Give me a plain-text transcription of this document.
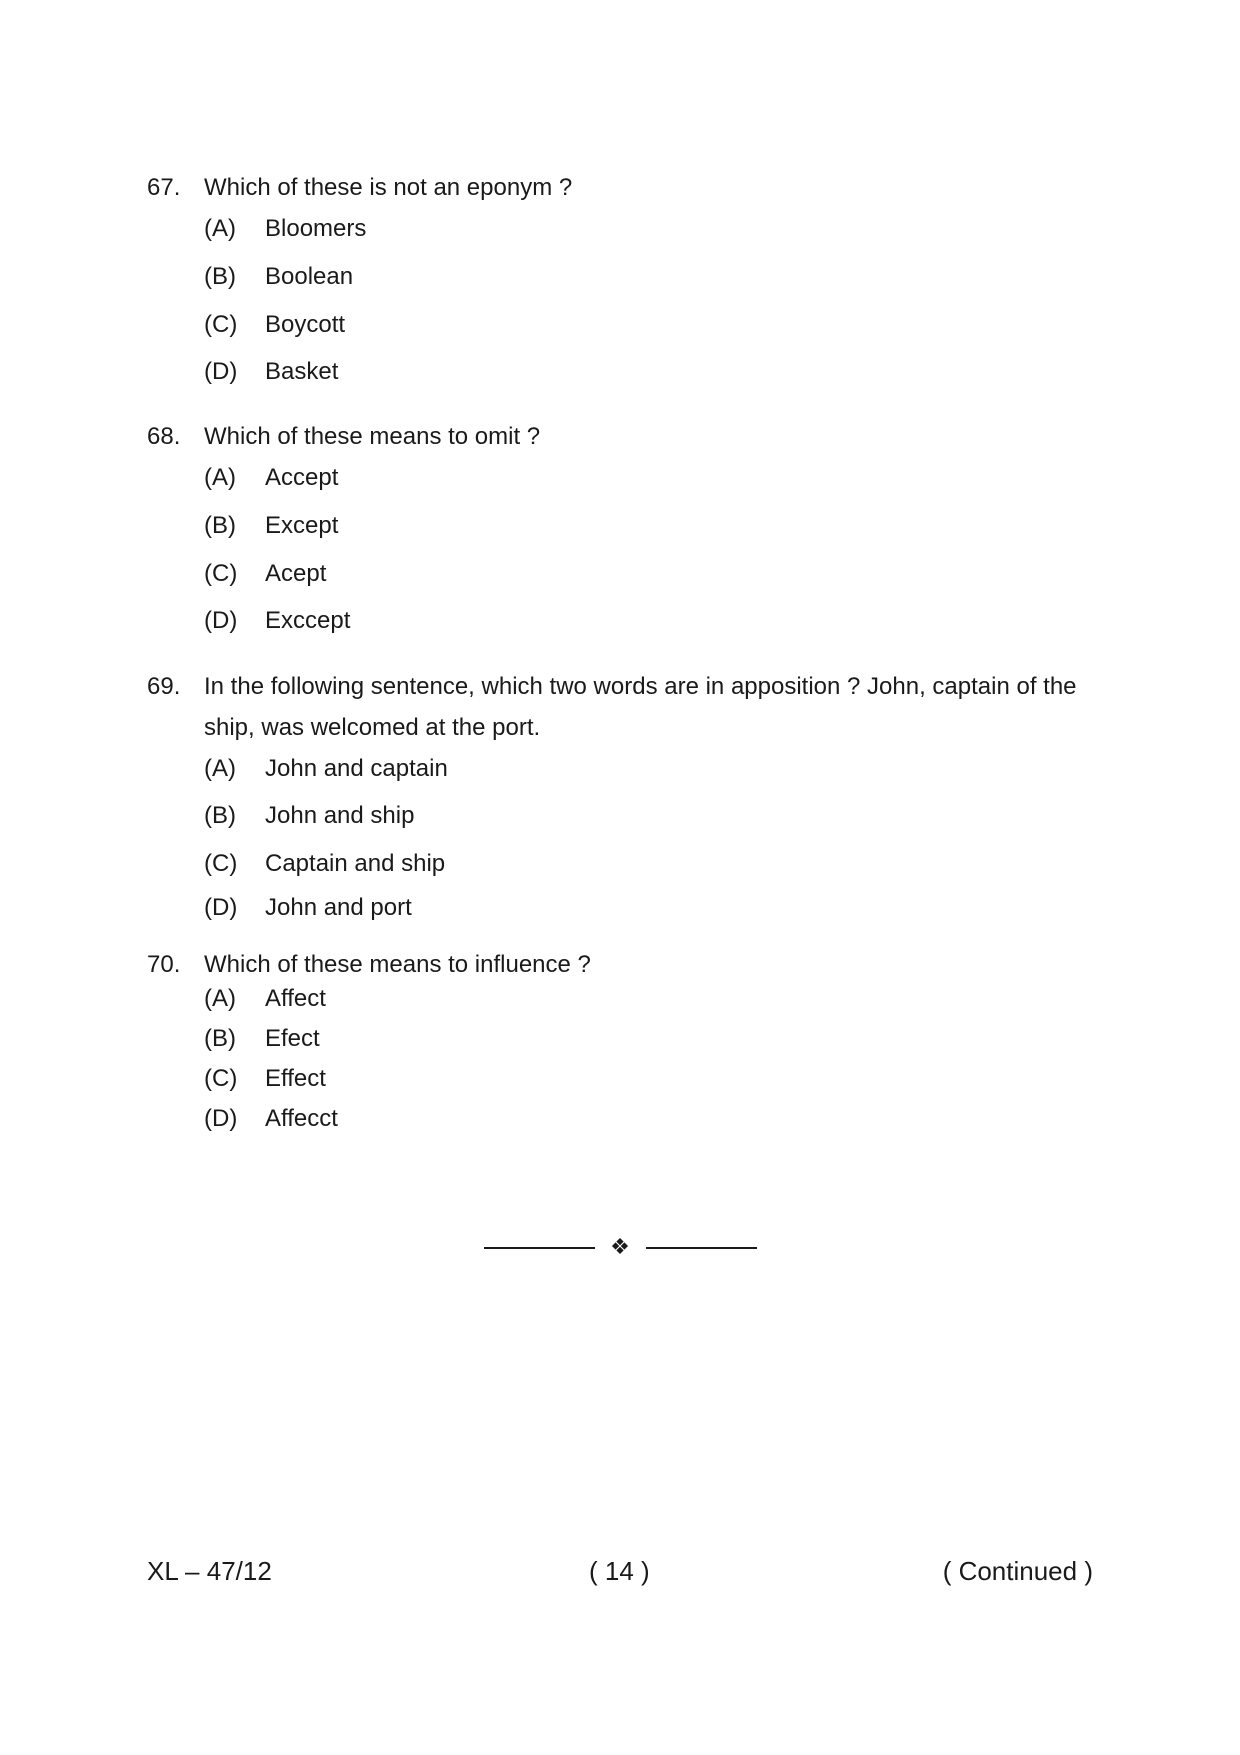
67. Which of these is not an eponym ?
(A) Bloomers
(B) Boolean
(C) Boycott
(D) Basket
68. Which of these means to omit ?
(A) Accept
(B) Except
(C) Acept
(D) Exccept
69. In the following sentence, which two words are in apposition ? John, captain of the ship, was welcomed at the port.
(A) John and captain
(B) John and ship
(C) Captain and ship
(D) John and port
70. Which of these means to influence ?
(A) Affect
(B) Efect
(C) Effect
(D) Affecct
❖
XL – 47/12	( 14 )	( Continued )
